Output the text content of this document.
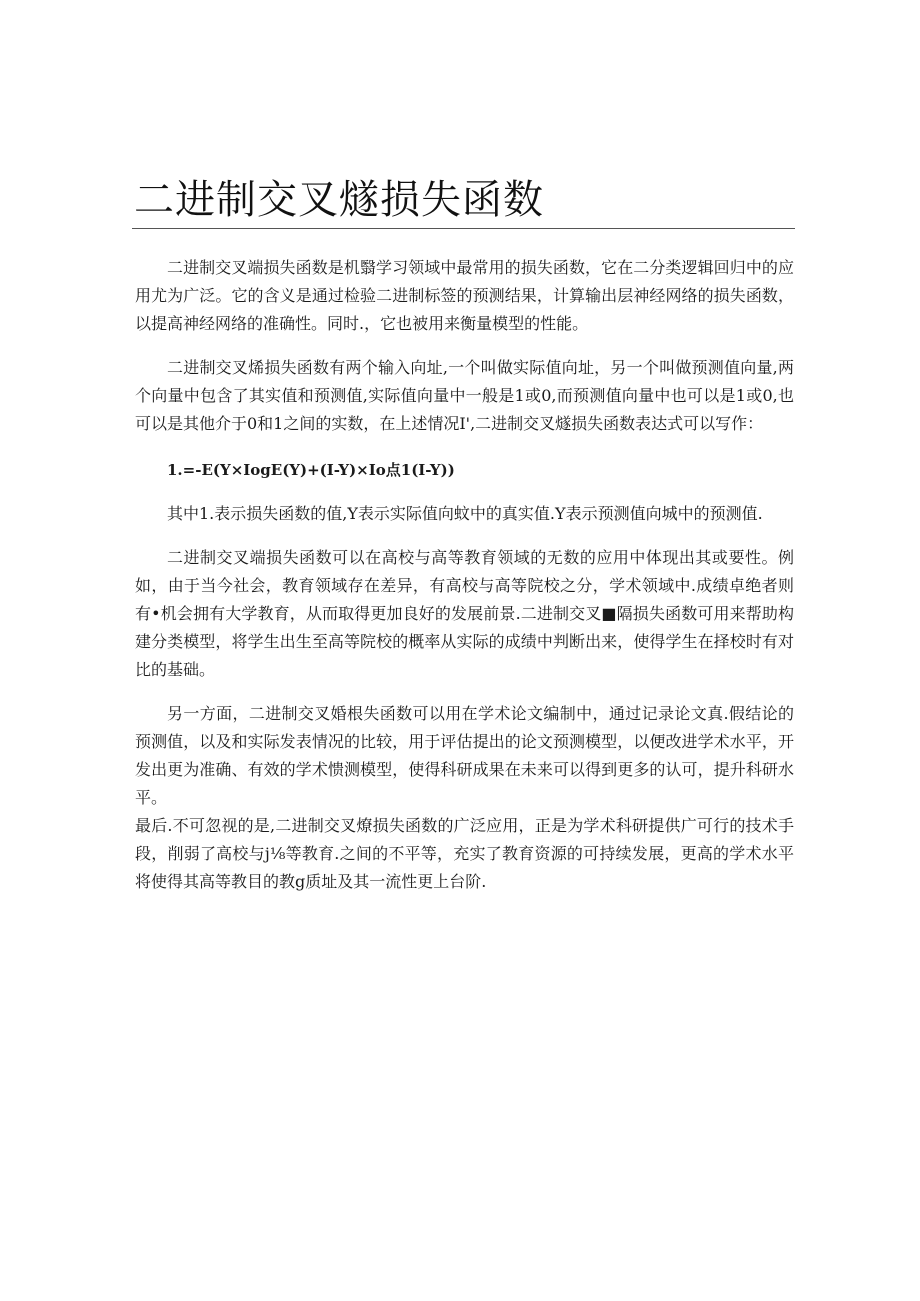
二进制交叉燧损失函数

二进制交叉端损失函数是机翳学习领域中最常用的损失函数，它在二分类逻辑回归中的应用尤为广泛。它的含义是通过检验二进制标签的预测结果，计算输出层神经网络的损失函数，以提高神经网络的准确性。同时.，它也被用来衡量模型的性能。

二进制交叉烯损失函数有两个输入向址,一个叫做实际值向址，另一个叫做预测值向量,两个向量中包含了其实值和预测值,实际值向量中一般是1或0,而预测值向量中也可以是1或0,也可以是其他介于0和1之间的实数，在上述情况I',二进制交叉燧损失函数表达式可以写作：

1.=-E(Y×IogE(Y)+(I-Y)×Io点1(I-Y))

其中1.表示损失函数的值,Y表示实际值向蚊中的真实值.Y表示预测值向城中的预测值.

二进制交叉端损失函数可以在高校与高等教育领域的无数的应用中体现出其或要性。例如，由于当今社会，教育领域存在差异，有高校与高等院校之分，学术领域中.成绩卓绝者则有•机会拥有大学教育，从而取得更加良好的发展前景.二进制交叉■隔损失函数可用来帮助构建分类模型，将学生出生至高等院校的概率从实际的成绩中判断出来，使得学生在择校时有对比的基础。

另一方面，二进制交叉婚根失函数可以用在学术论文编制中，通过记录论文真.假结论的预测值，以及和实际发表情况的比较，用于评估提出的论文预测模型，以便改进学术水平，开发出更为准确、有效的学术愦测模型，使得科研成果在未来可以得到更多的认可，提升科研水平。

最后.不可忽视的是,二进制交叉燎损失函数的广泛应用，正是为学术科研提供广可行的技术手段，削弱了高校与j⅛等教育.之间的不平等，充实了教育资源的可持续发展，更高的学术水平将使得其高等教目的教g质址及其一流性更上台阶.
